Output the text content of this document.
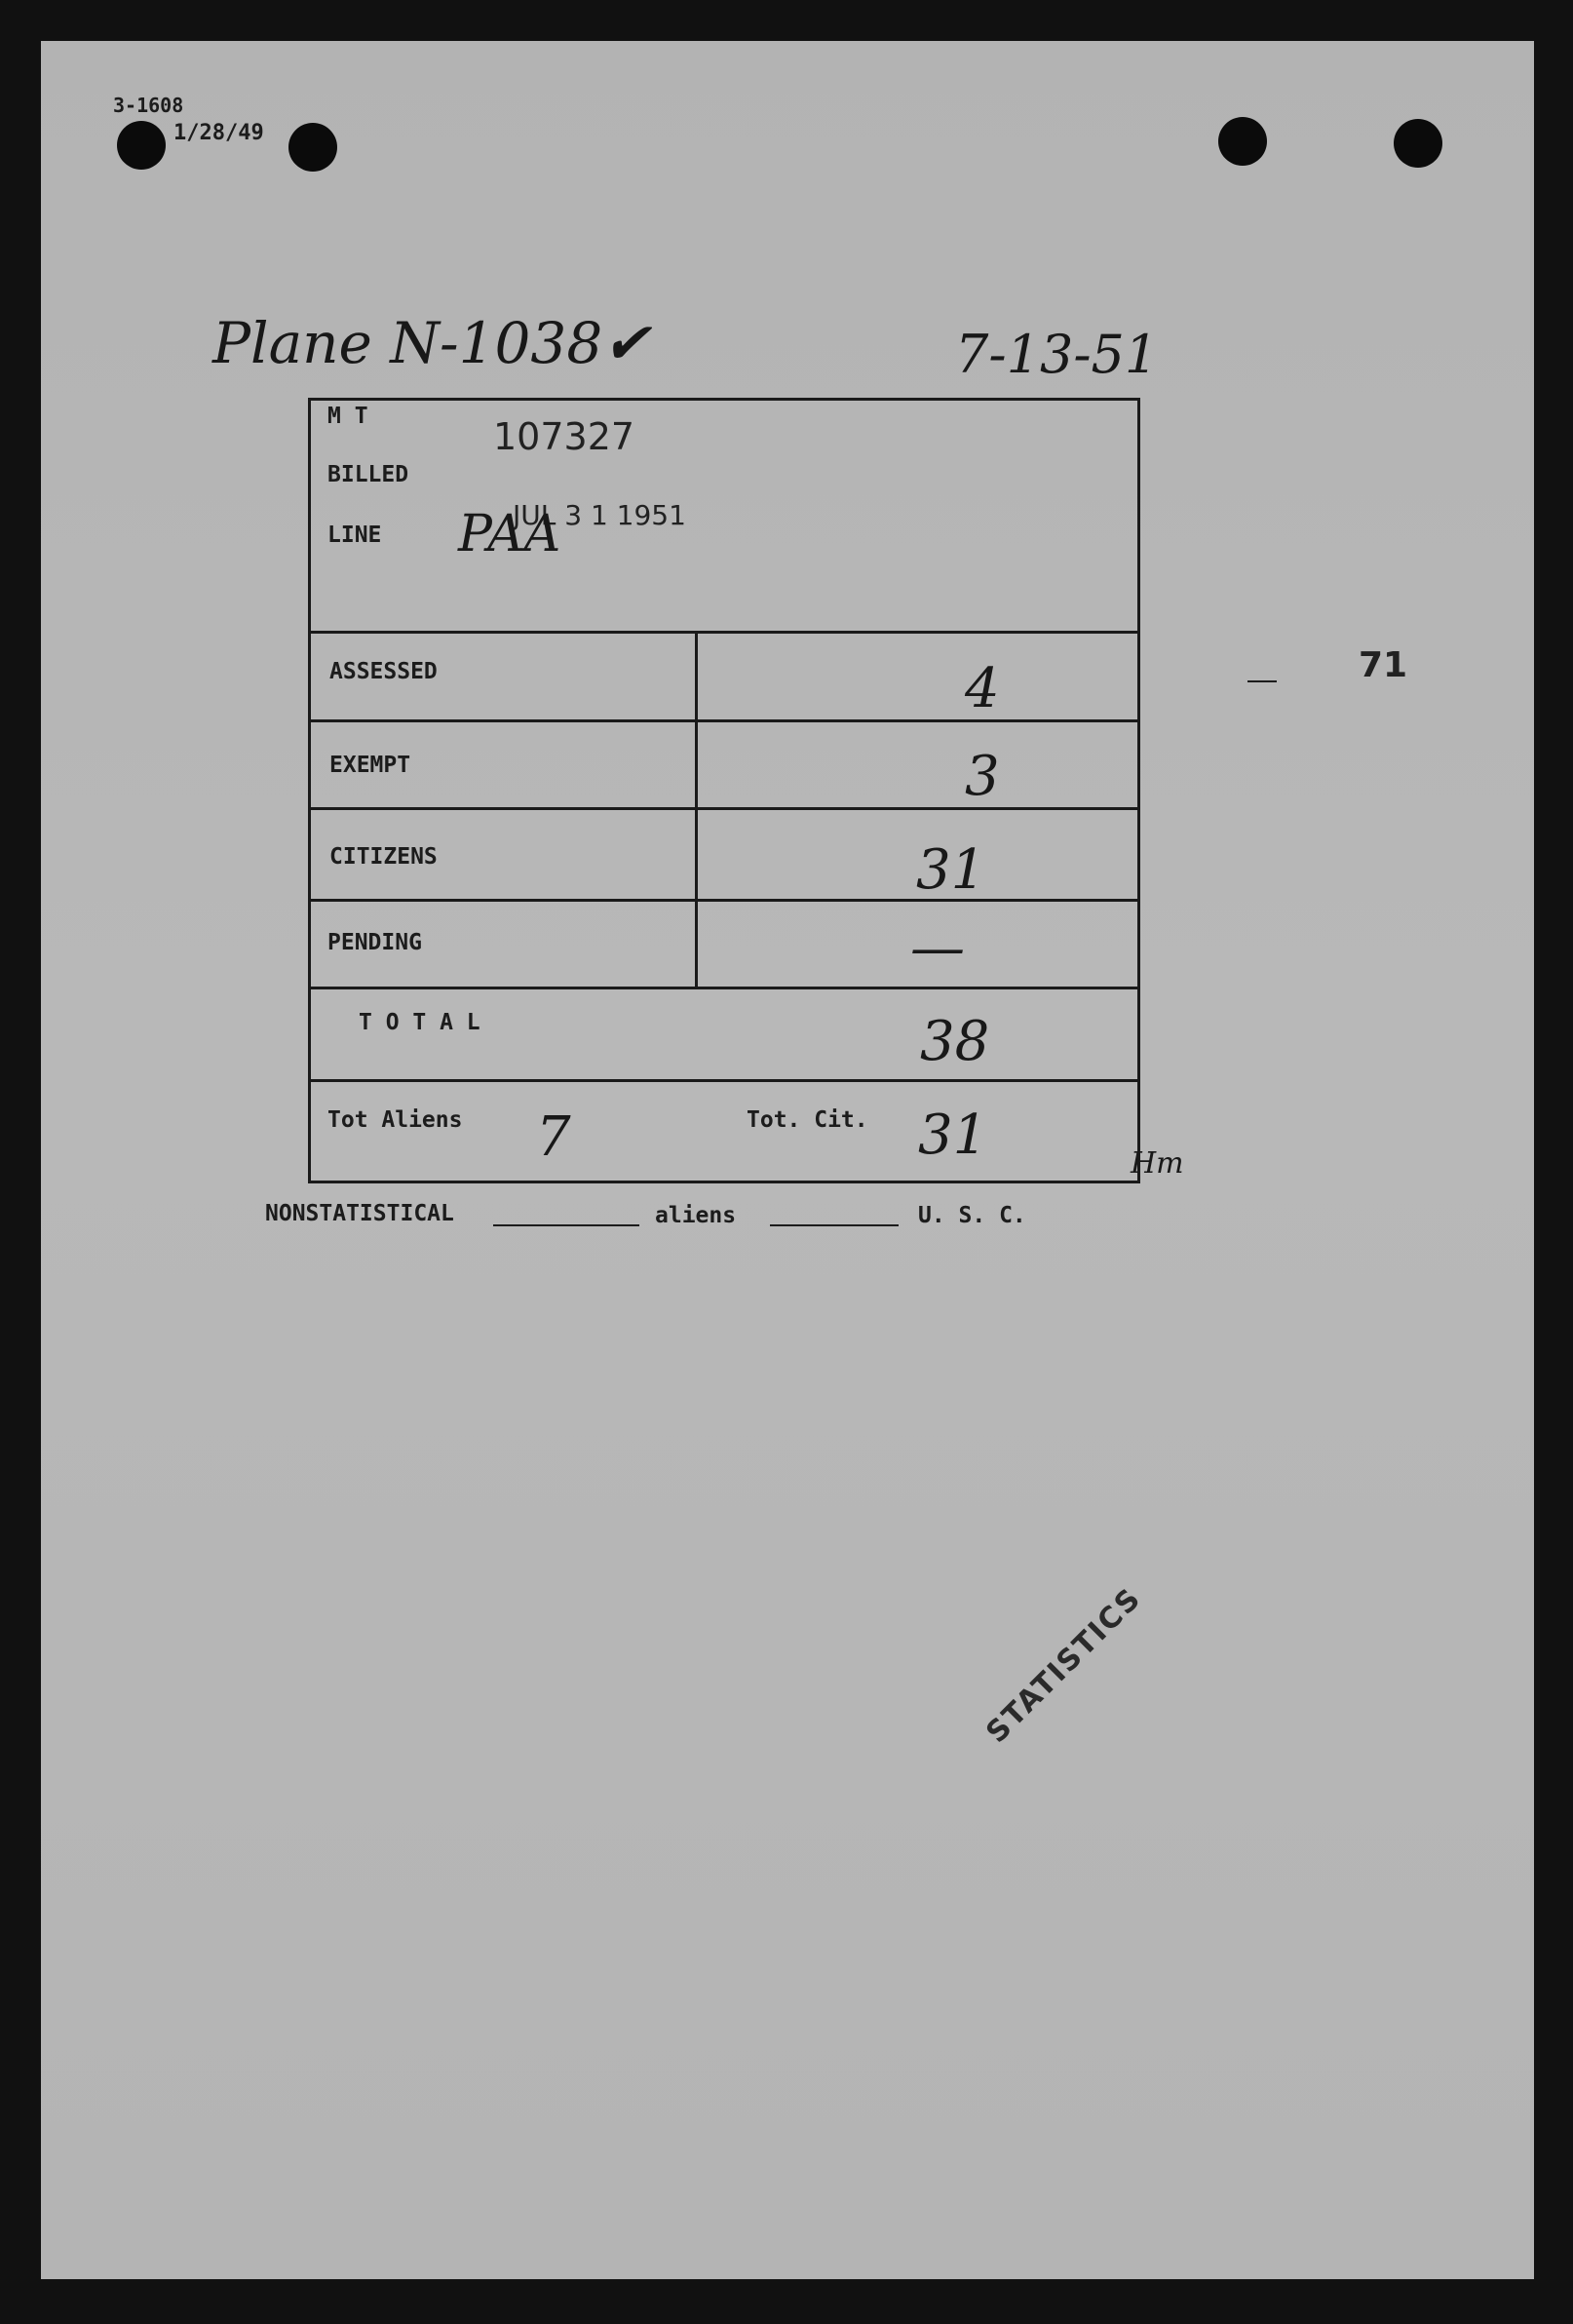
3-1608
1/28/49
Plane N-1038✔	7-13-51
M T	107327
BILLED
JUL 3 1 1951
LINE PAA
ASSESSED	4
EXEMPT	3
CITIZENS	31
PENDING	—
T O T A L	38
Tot Aliens 7	Tot. Cit. 31	Hm
NONSTATISTICAL	aliens	U. S. C.
71
STATISTICS
